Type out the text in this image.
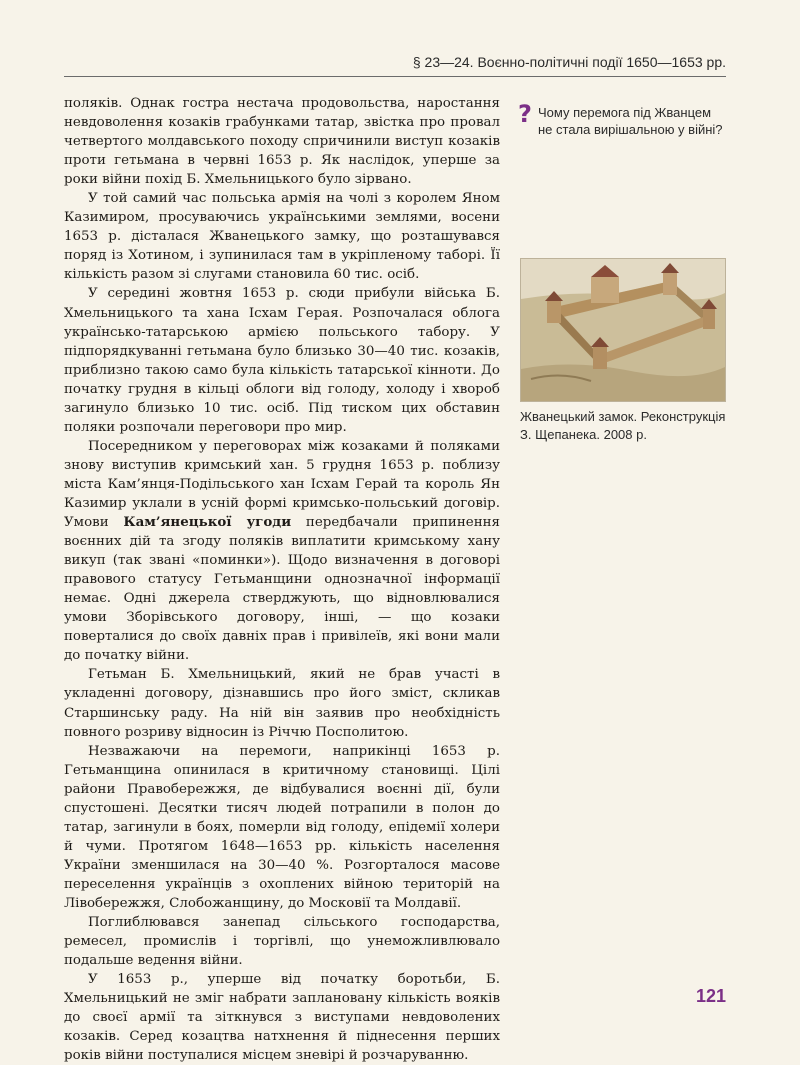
§ 23—24. Воєнно-політичні події 1650—1653 рр.

поляків. Однак гостра нестача продовольства, наростання невдоволення козаків грабунками татар, звістка про провал четвертого молдавського походу спричинили виступ козаків проти гетьмана в червні 1653 р. Як наслідок, уперше за роки війни похід Б. Хмельницького було зірвано.

У той самий час польська армія на чолі з королем Яном Казимиром, просуваючись українськими землями, восени 1653 р. дісталася Жванецького замку, що розташувався поряд із Хотином, і зупинилася там в укріпленому таборі. Її кількість разом зі слугами становила 60 тис. осіб.

У середині жовтня 1653 р. сюди прибули війська Б. Хмельницького та хана Ісхам Герая. Розпочалася облога українсько-татарською армією польського табору. У підпорядкуванні гетьмана було близько 30—40 тис. козаків, приблизно такою само була кількість татарської кінноти. До початку грудня в кільці облоги від голоду, холоду і хвороб загинуло близько 10 тис. осіб. Під тиском цих обставин поляки розпочали переговори про мир.

Посередником у переговорах між козаками й поляками знову виступив кримський хан. 5 грудня 1653 р. поблизу міста Кам’янця-Подільського хан Ісхам Герай та король Ян Казимир уклали в усній формі кримсько-польський договір. Умови Кам’янецької угоди передбачали припинення воєнних дій та згоду поляків виплатити кримському хану викуп (так звані «поминки»). Щодо визначення в договорі правового статусу Гетьманщини однозначної інформації немає. Одні джерела стверджують, що відновлювалися умови Зборівського договору, інші, — що козаки поверталися до своїх давніх прав і привілеїв, які вони мали до початку війни.

Гетьман Б. Хмельницький, який не брав участі в укладенні договору, дізнавшись про його зміст, скликав Старшинську раду. На ній він заявив про необхідність повного розриву відносин із Річчю Посполитою.

Незважаючи на перемоги, наприкінці 1653 р. Гетьманщина опинилася в критичному становищі. Цілі райони Правобережжя, де відбувалися воєнні дії, були спустошені. Десятки тисяч людей потрапили в полон до татар, загинули в боях, померли від голоду, епідемії холери й чуми. Протягом 1648—1653 рр. кількість населення України зменшилася на 30—40 %. Розгорталося масове переселення українців з охоплених війною територій на Лівобережжя, Слобожанщину, до Московії та Молдавії.

Поглиблювався занепад сільського господарства, ремесел, промислів і торгівлі, що унеможливлювало подальше ведення війни.

У 1653 р., уперше від початку боротьби, Б. Хмельницький не зміг набрати заплановану кількість вояків до своєї армії та зіткнувся з виступами невдоволених козаків. Серед козацтва натхнення й піднесення перших років війни поступалися місцем зневірі й розчаруванню.

? Чому перемога під Жванцем не стала вирішальною у війні?
Жванецький замок. Реконструкція З. Щепанека. 2008 р.
121
